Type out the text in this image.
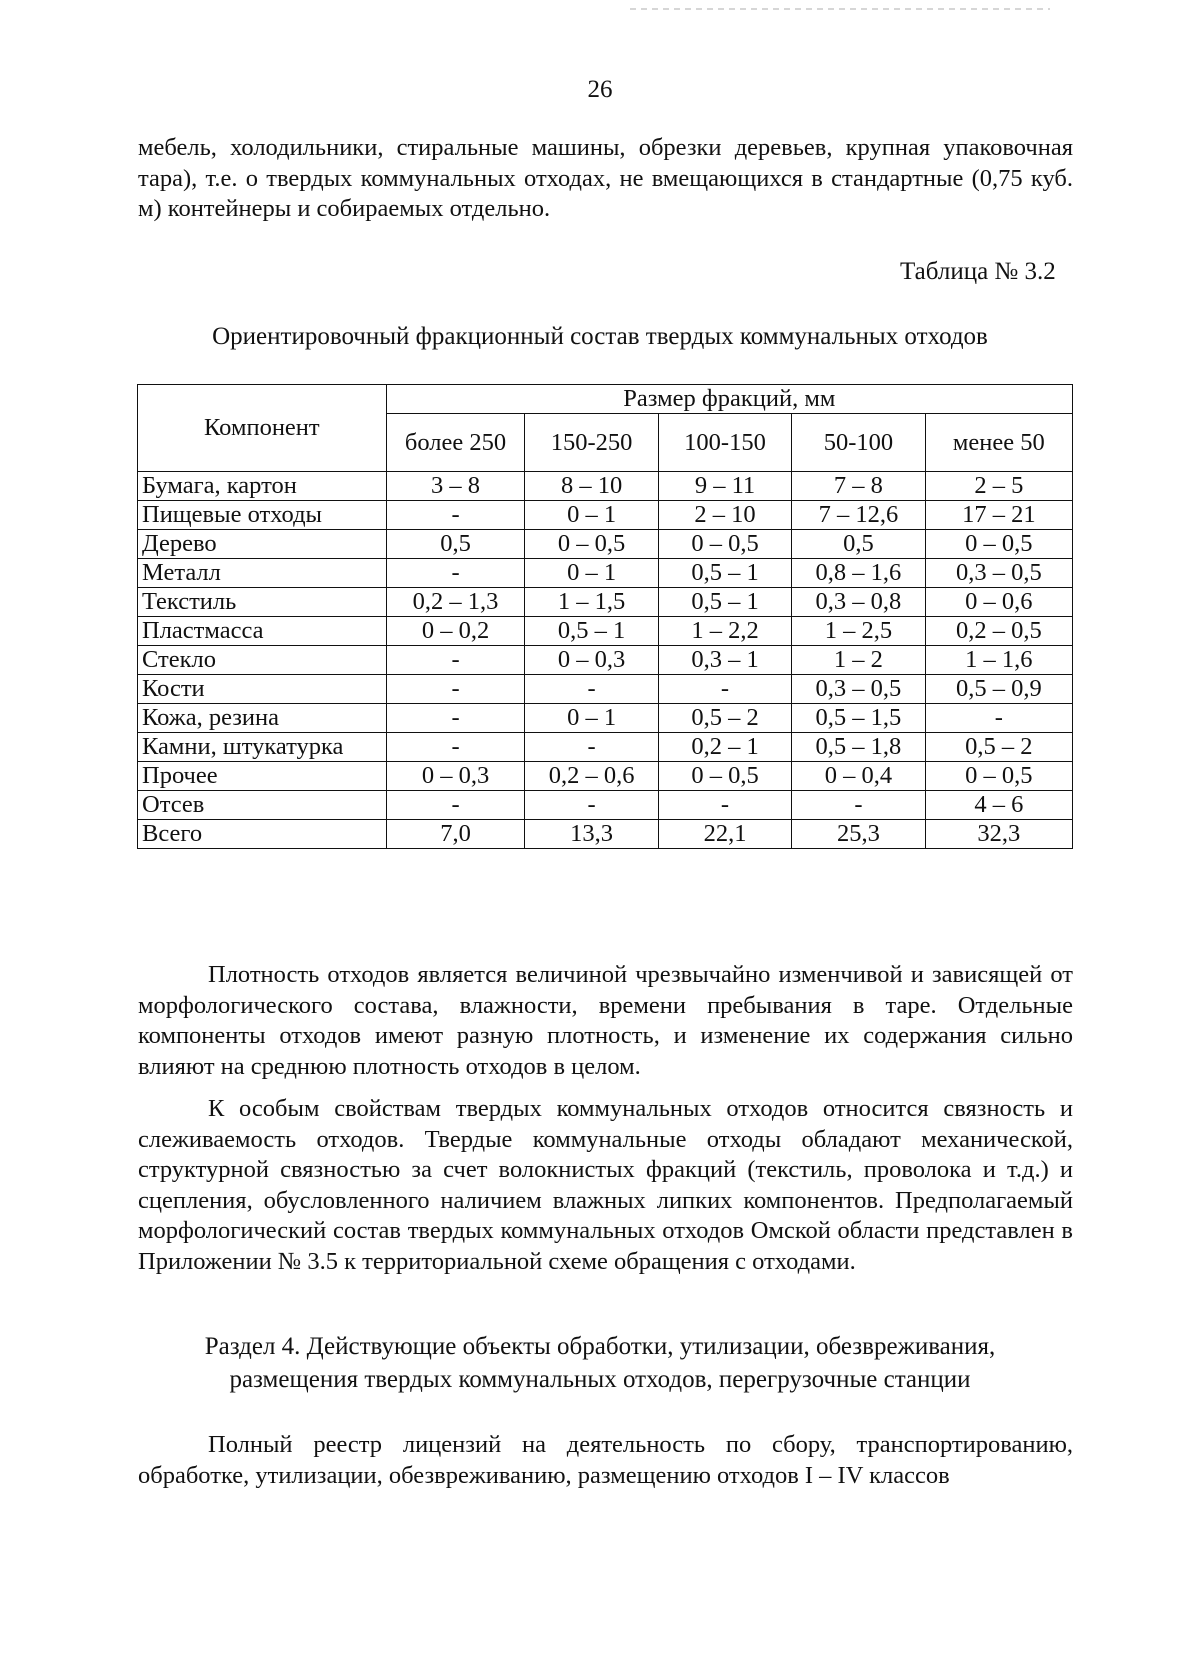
26
мебель, холодильники, стиральные машины, обрезки деревьев, крупная упаковочная тара), т.е. о твердых коммунальных отходах, не вмещающихся в стандартные (0,75 куб. м) контейнеры и собираемых отдельно.
Таблица № 3.2
Ориентировочный фракционный состав твердых коммунальных отходов
Компонент	Размер фракций, мм				
	более 250	150-250	100-150	50-100	менее 50
Бумага, картон	3 – 8	8 – 10	9 – 11	7 – 8	2 – 5
Пищевые отходы	-	0 – 1	2 – 10	7 – 12,6	17 – 21
Дерево	0,5	0 – 0,5	0 – 0,5	0,5	0 – 0,5
Металл	-	0 – 1	0,5 – 1	0,8 – 1,6	0,3 – 0,5
Текстиль	0,2 – 1,3	1 – 1,5	0,5 – 1	0,3 – 0,8	0 – 0,6
Пластмасса	0 – 0,2	0,5 – 1	1 – 2,2	1 – 2,5	0,2 – 0,5
Стекло	-	0 – 0,3	0,3 – 1	1 – 2	1 – 1,6
Кости	-	-	-	0,3 – 0,5	0,5 – 0,9
Кожа, резина	-	0 – 1	0,5 – 2	0,5 – 1,5	-
Камни, штукатурка	-	-	0,2 – 1	0,5 – 1,8	0,5 – 2
Прочее	0 – 0,3	0,2 – 0,6	0 – 0,5	0 – 0,4	0 – 0,5
Отсев	-	-	-	-	4 – 6
Всего	7,0	13,3	22,1	25,3	32,3
Плотность отходов является величиной чрезвычайно изменчивой и зависящей от морфологического состава, влажности, времени пребывания в таре. Отдельные компоненты отходов имеют разную плотность, и изменение их содержания сильно влияют на среднюю плотность отходов в целом.
К особым свойствам твердых коммунальных отходов относится связность и слеживаемость отходов. Твердые коммунальные отходы обладают механической, структурной связностью за счет волокнистых фракций (текстиль, проволока и т.д.) и сцепления, обусловленного наличием влажных липких компонентов. Предполагаемый морфологический состав твердых коммунальных отходов Омской области представлен в Приложении № 3.5 к территориальной схеме обращения с отходами.
Раздел 4. Действующие объекты обработки, утилизации, обезвреживания,
размещения твердых коммунальных отходов, перегрузочные станции
Полный реестр лицензий на деятельность по сбору, транспортированию, обработке, утилизации, обезвреживанию, размещению отходов I – IV классов
